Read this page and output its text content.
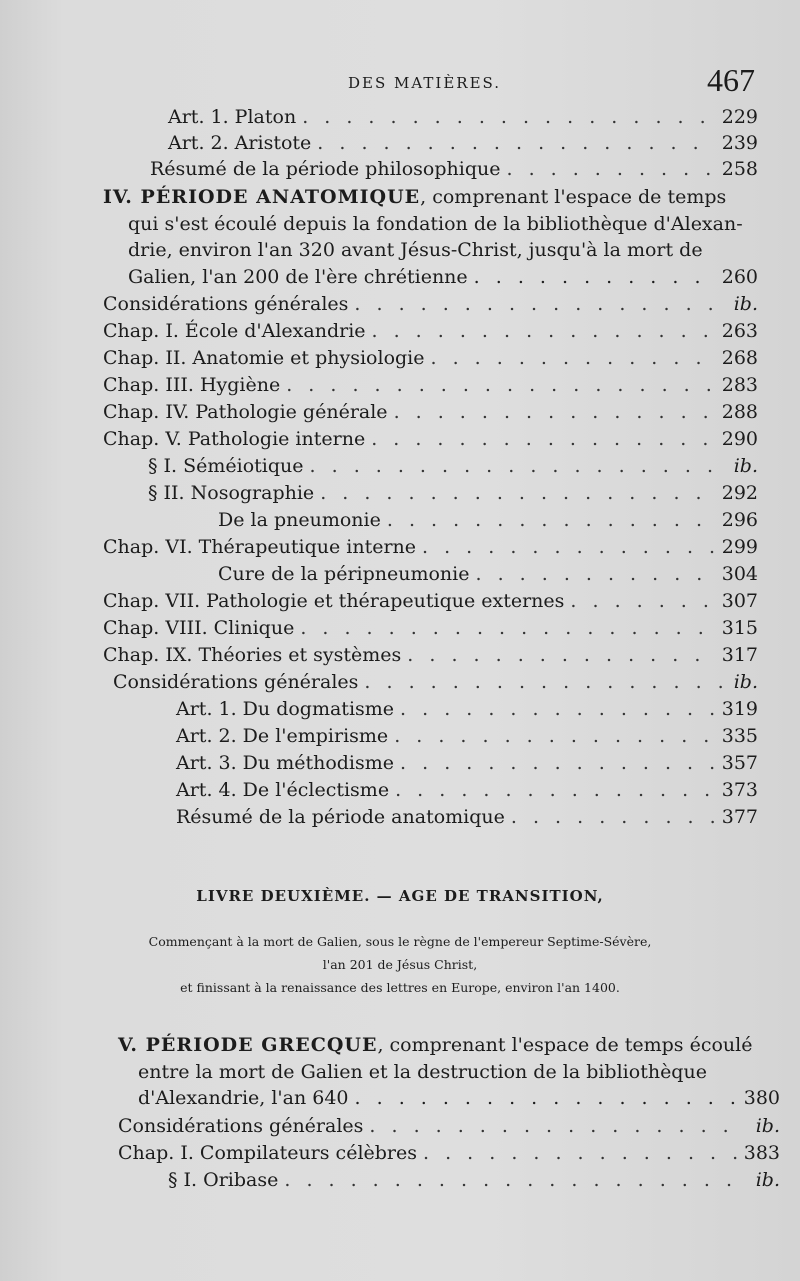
DES MATIÈRES.	467
Art. 1. Platon . . .	229
Art. 2. Aristote . . .	239
Résumé de la période philosophique . . .	258
IV. PÉRIODE ANATOMIQUE, comprenant l'espace de temps
qui s'est écoulé depuis la fondation de la bibliothèque d'Alexan-
drie, environ l'an 320 avant Jésus-Christ, jusqu'à la mort de
Galien, l'an 200 de l'ère chrétienne . . .	260
Considérations générales . . .	ib.
Chap. I. École d'Alexandrie . . .	263
Chap. II. Anatomie et physiologie . . .	268
Chap. III. Hygiène . . .	283
Chap. IV. Pathologie générale . . .	288
Chap. V. Pathologie interne . . .	290
§ I. Séméiotique . . .	ib.
§ II. Nosographie . . .	292
De la pneumonie . . .	296
Chap. VI. Thérapeutique interne . . .	299
Cure de la péripneumonie . . .	304
Chap. VII. Pathologie et thérapeutique externes . . .	307
Chap. VIII. Clinique . . .	315
Chap. IX. Théories et systèmes . . .	317
Considérations générales . . .	ib.
Art. 1. Du dogmatisme . . .	319
Art. 2. De l'empirisme . . .	335
Art. 3. Du méthodisme . . .	357
Art. 4. De l'éclectisme . . .	373
Résumé de la période anatomique . . .	377
LIVRE DEUXIÈME. — AGE DE TRANSITION,
Commençant à la mort de Galien, sous le règne de l'empereur Septime-Sévère,
l'an 201 de Jésus Christ,
et finissant à la renaissance des lettres en Europe, environ l'an 1400.
V. PÉRIODE GRECQUE, comprenant l'espace de temps écoulé
entre la mort de Galien et la destruction de la bibliothèque
d'Alexandrie, l'an 640 . . .	380
Considérations générales . . .	ib.
Chap. I. Compilateurs célèbres . . .	383
§ I. Oribase . . .	ib.
